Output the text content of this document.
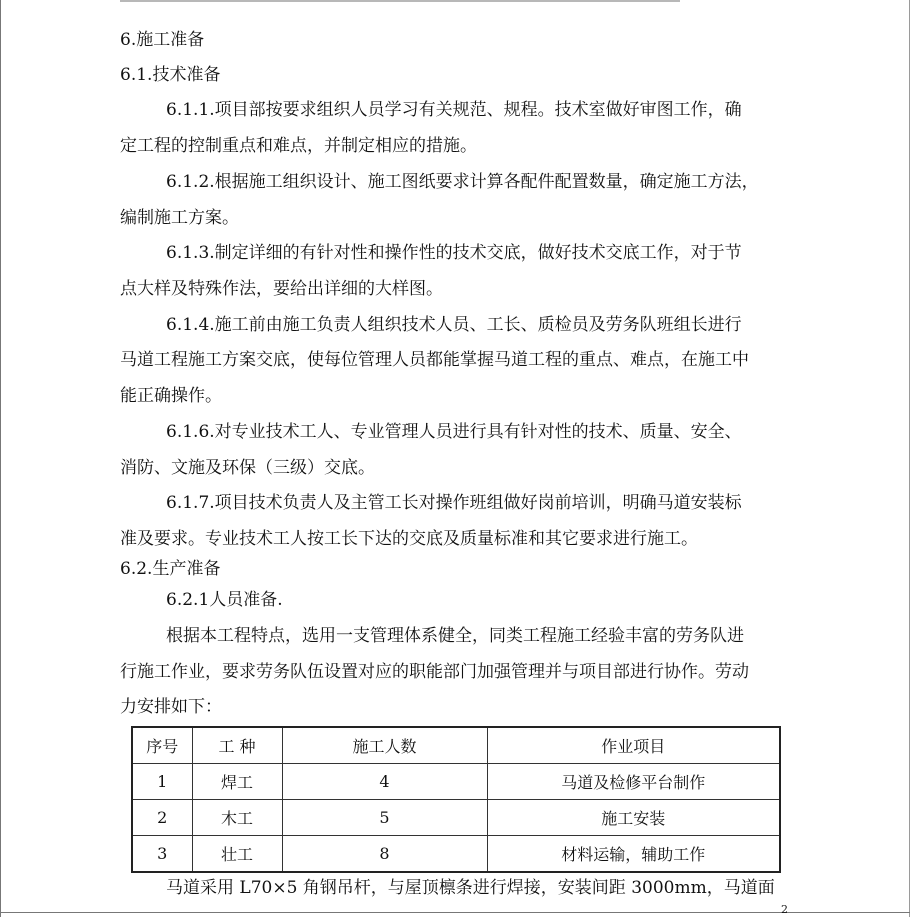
6.施工准备
6.1.技术准备
6.1.1.项目部按要求组织人员学习有关规范、规程。技术室做好审图工作，确
定工程的控制重点和难点，并制定相应的措施。
6.1.2.根据施工组织设计、施工图纸要求计算各配件配置数量，确定施工方法，
编制施工方案。
6.1.3.制定详细的有针对性和操作性的技术交底，做好技术交底工作，对于节
点大样及特殊作法，要给出详细的大样图。
6.1.4.施工前由施工负责人组织技术人员、工长、质检员及劳务队班组长进行
马道工程施工方案交底，使每位管理人员都能掌握马道工程的重点、难点，在施工中
能正确操作。
6.1.6.对专业技术工人、专业管理人员进行具有针对性的技术、质量、安全、
消防、文施及环保（三级）交底。
6.1.7.项目技术负责人及主管工长对操作班组做好岗前培训，明确马道安装标
准及要求。专业技术工人按工长下达的交底及质量标准和其它要求进行施工。
6.2.生产准备
6.2.1人员准备.
根据本工程特点，选用一支管理体系健全，同类工程施工经验丰富的劳务队进
行施工作业，要求劳务队伍设置对应的职能部门加强管理并与项目部进行协作。劳动
力安排如下：
序号	工 种	施工人数	作业项目
1	焊工	4	马道及检修平台制作
2	木工	5	施工安装
3	壮工	8	材料运输，辅助工作
马道采用 L70×5 角钢吊杆，与屋顶檩条进行焊接，安装间距 3000mm，马道面
2
